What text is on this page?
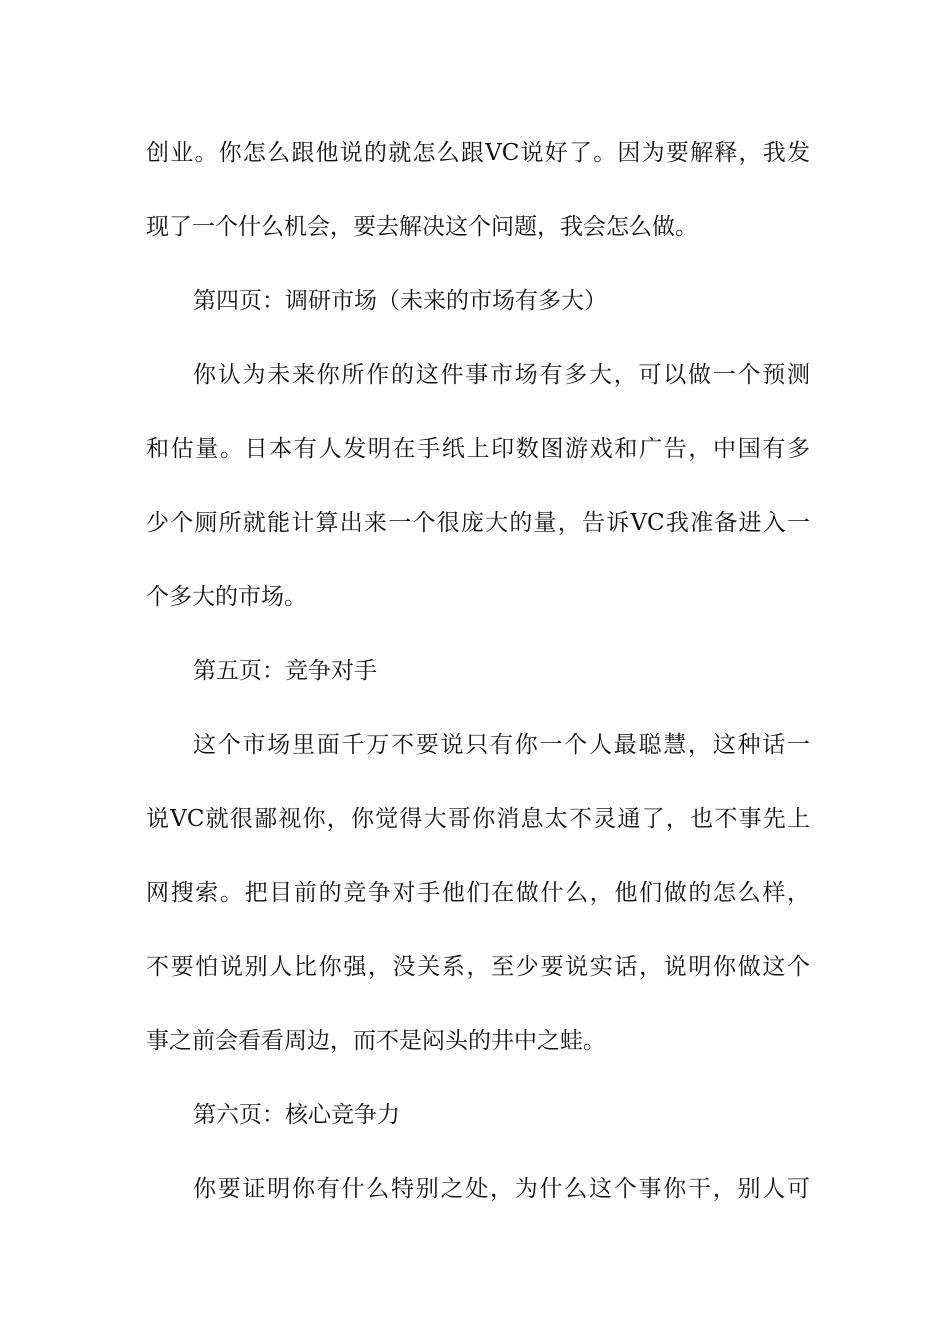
创业。你怎么跟他说的就怎么跟VC说好了。因为要解释，我发
现了一个什么机会，要去解决这个问题，我会怎么做。
第四页：调研市场（未来的市场有多大）
你认为未来你所作的这件事市场有多大，可以做一个预测
和估量。日本有人发明在手纸上印数图游戏和广告，中国有多
少个厕所就能计算出来一个很庞大的量，告诉VC我准备进入一
个多大的市场。
第五页：竞争对手
这个市场里面千万不要说只有你一个人最聪慧，这种话一
说VC就很鄙视你，你觉得大哥你消息太不灵通了，也不事先上
网搜索。把目前的竞争对手他们在做什么，他们做的怎么样，
不要怕说别人比你强，没关系，至少要说实话，说明你做这个
事之前会看看周边，而不是闷头的井中之蛙。
第六页：核心竞争力
你要证明你有什么特别之处，为什么这个事你干，别人可
